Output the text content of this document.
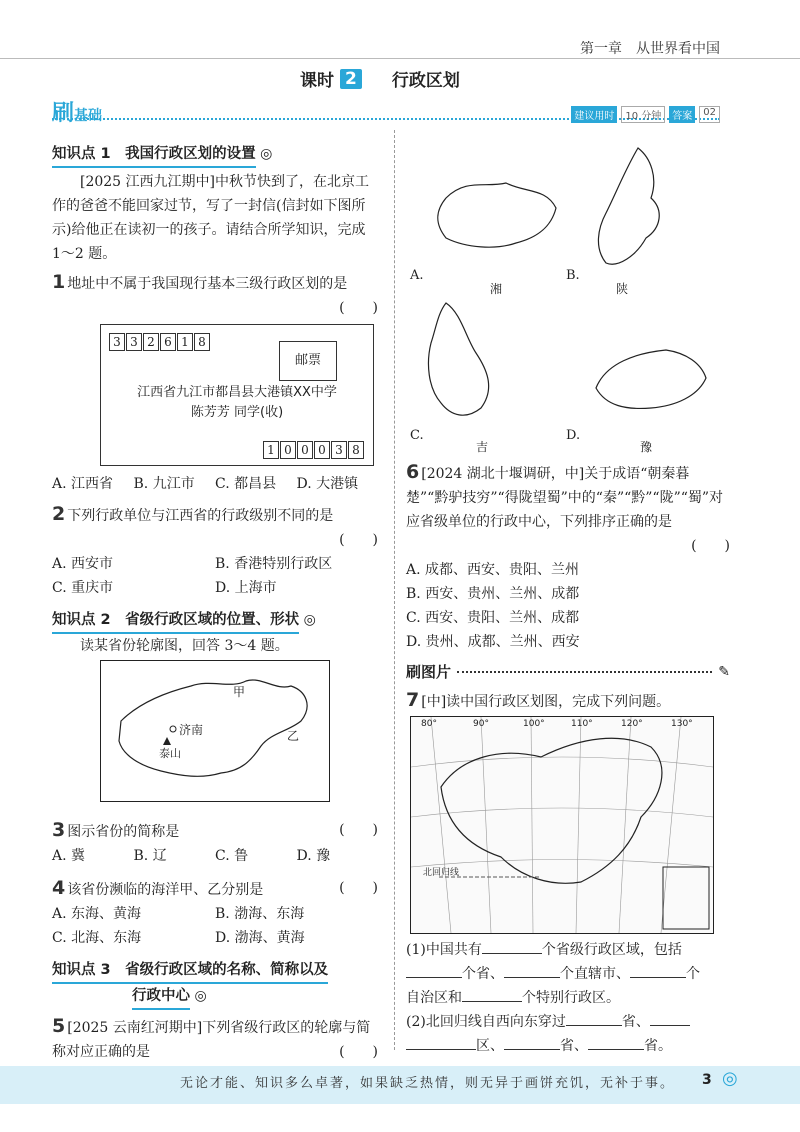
第一章　从世界看中国
课时 2 行政区划
刷基础	建议用时	10 分钟	答案	02
知识点 1　我国行政区划的设置 ◎
[2025 江西九江期中]中秋节快到了，在北京工作的爸爸不能回家过节，写了一封信(信封如下图所示)给他正在读初一的孩子。请结合所学知识，完成 1～2 题。
1 地址中不属于我国现行基本三级行政区划的是
(　　)
3 3 2 6 1 8
邮票
江西省九江市都昌县大港镇XX中学
陈芳芳 同学(收)
1 0 0 0 3 8
A. 江西省	B. 九江市	C. 都昌县	D. 大港镇
2 下列行政单位与江西省的行政级别不同的是
(　　)
A. 西安市	B. 香港特别行政区
C. 重庆市	D. 上海市
知识点 2　省级行政区域的位置、形状 ◎
读某省份轮廓图，回答 3～4 题。
甲
乙
济南
泰山
3 图示省份的简称是	(　　)
A. 冀	B. 辽	C. 鲁	D. 豫
4 该省份濒临的海洋甲、乙分别是	(　　)
A. 东海、黄海	B. 渤海、东海
C. 北海、东海	D. 渤海、黄海
知识点 3　省级行政区域的名称、简称以及
行政中心 ◎
5 [2025 云南红河期中]下列省级行政区的轮廓与简称对应正确的是	(　　)
A.
湘
B.
陕
C.
吉
D.
豫
6 [2024 湖北十堰调研，中]关于成语“朝秦暮楚”“黔驴技穷”“得陇望蜀”中的“秦”“黔”“陇”“蜀”对应省级单位的行政中心，下列排序正确的是
(　　)
A. 成都、西安、贵阳、兰州
B. 西安、贵州、兰州、成都
C. 西安、贵阳、兰州、成都
D. 贵州、成都、兰州、西安
刷图片	✎
7 [中]读中国行政区划图，完成下列问题。
80°	90°	100°	110°	120°	130°
北回归线
(1)中国共有	个省级行政区域，包括
个省、	个直辖市、	个
自治区和	个特别行政区。
(2)北回归线自西向东穿过	省、
区、	省、	省。
无论才能、知识多么卓著，如果缺乏热情，则无异于画饼充饥，无补于事。 3 ◎
